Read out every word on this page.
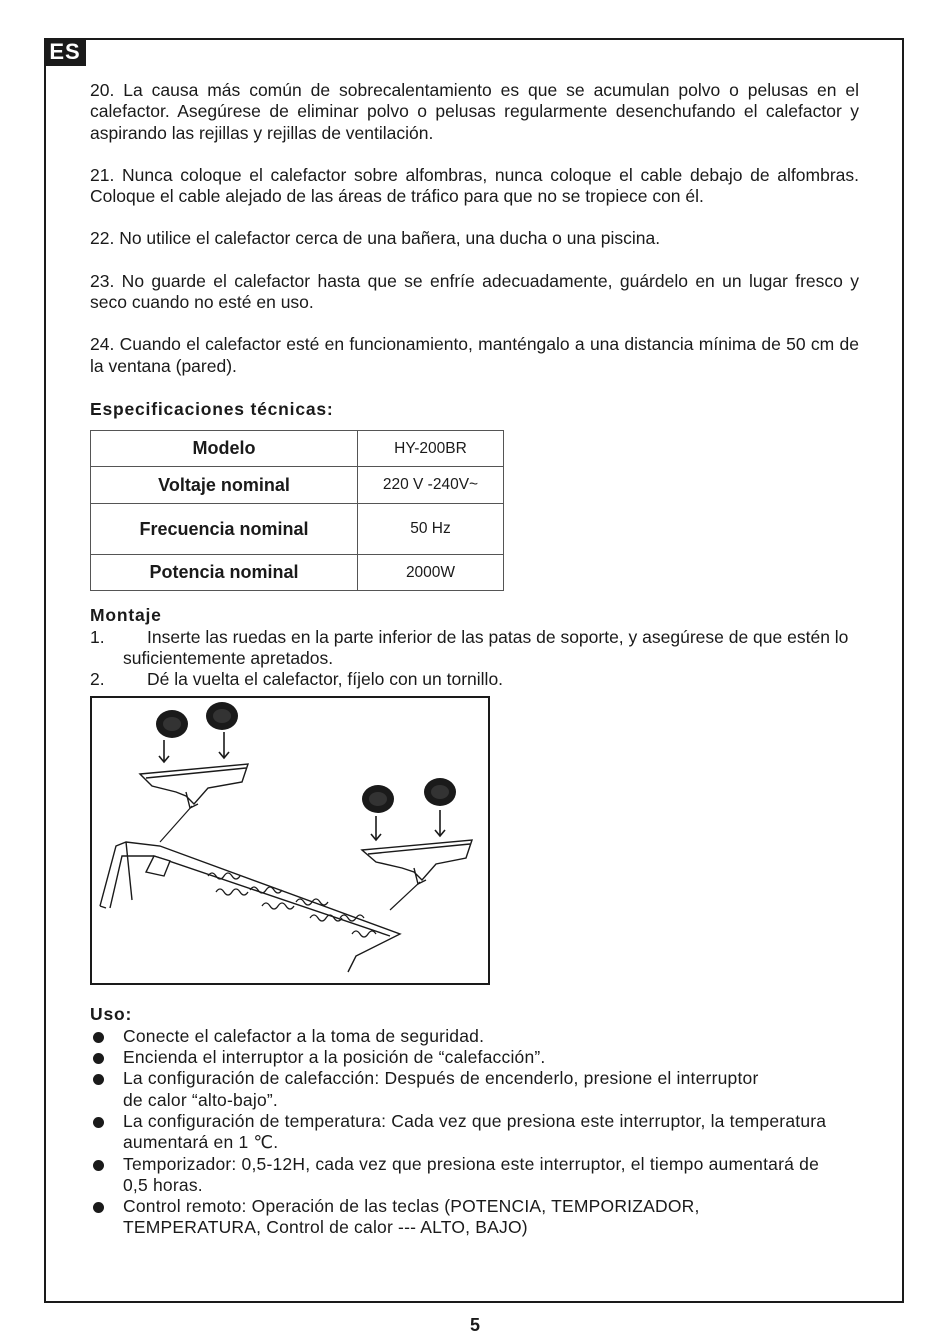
ES

20. La causa más común de sobrecalentamiento es que se acumulan polvo o pelusas en el calefactor. Asegúrese de eliminar polvo o pelusas regularmente desenchufando el calefactor y aspirando las rejillas y rejillas de ventilación.

21. Nunca coloque el calefactor sobre alfombras, nunca coloque el cable debajo de alfombras. Coloque el cable alejado de las áreas de tráfico para que no se tropiece con él.

22. No utilice el calefactor cerca de una bañera, una ducha o una piscina.

23. No guarde el calefactor hasta que se enfríe adecuadamente, guárdelo en un lugar fresco y seco cuando no esté en uso.

24. Cuando el calefactor esté en funcionamiento, manténgalo a una distancia mínima de 50 cm de la ventana (pared).

Especificaciones técnicas:

Modelo	HY-200BR
Voltaje nominal	220 V -240V~
Frecuencia nominal	50 Hz
Potencia nominal	2000W

Montaje

1. Inserte las ruedas en la parte inferior de las patas de soporte, y asegúrese de que estén lo suficientemente apretados.
2. Dé la vuelta el calefactor, fíjelo con un tornillo.

Uso:

Conecte el calefactor a la toma de seguridad.
Encienda el interruptor a la posición de “calefacción”.
La configuración de calefacción: Después de encenderlo, presione el interruptor de calor “alto-bajo”.
La configuración de temperatura: Cada vez que presiona este interruptor, la temperatura aumentará en 1 ℃.
Temporizador: 0,5-12H, cada vez que presiona este interruptor, el tiempo aumentará de 0,5 horas.
Control remoto: Operación de las teclas (POTENCIA, TEMPORIZADOR, TEMPERATURA, Control de calor --- ALTO, BAJO)
5
